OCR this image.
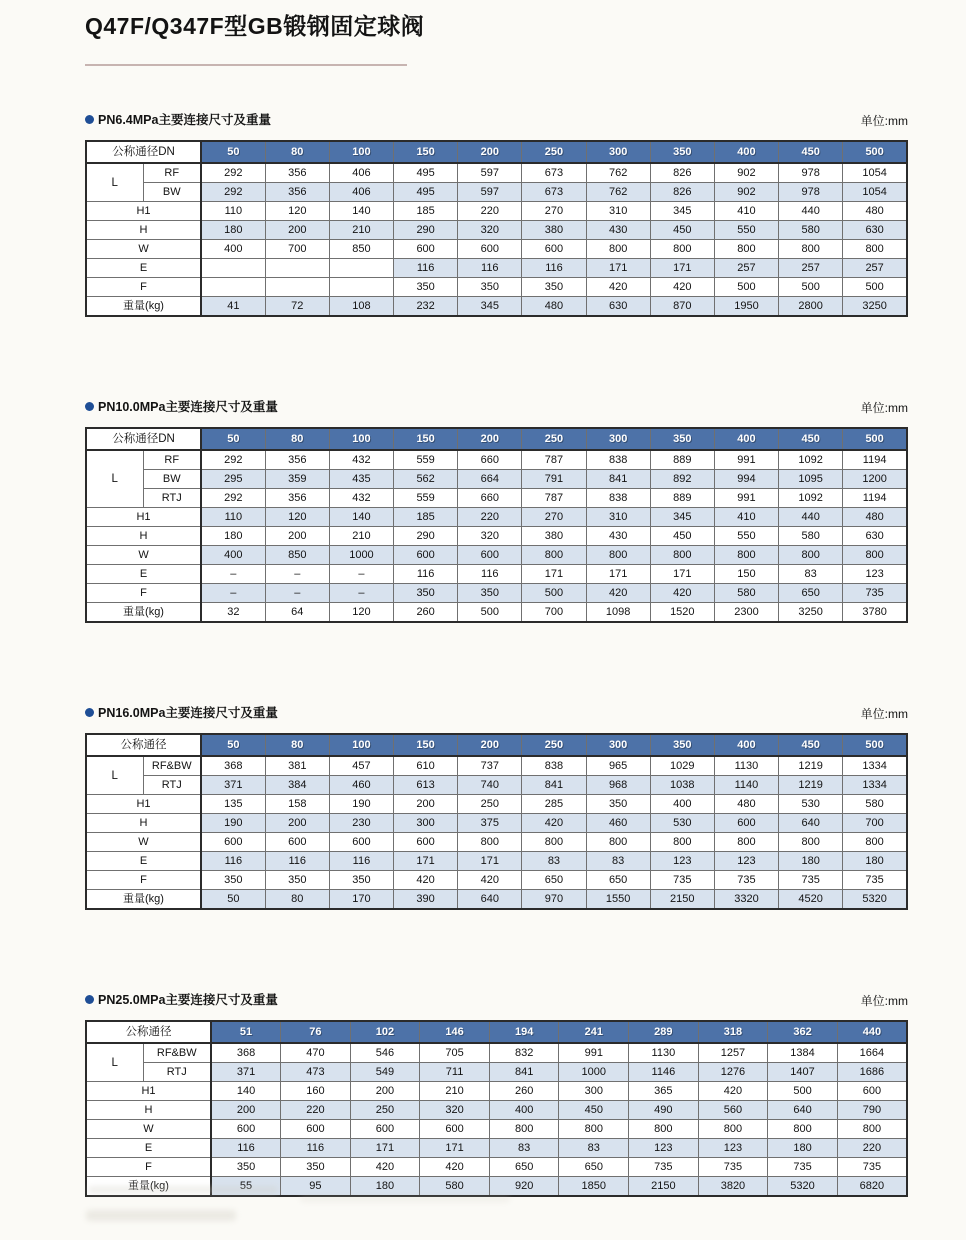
Q47F/Q347F型GB锻钢固定球阀
PN6.4MPa主要连接尺寸及重量	单位:mm
公称通径DN		50	80	100	150	200	250	300	350	400	450	500
L	RF	292	356	406	495	597	673	762	826	902	978	1054
	BW	292	356	406	495	597	673	762	826	902	978	1054
H1		110	120	140	185	220	270	310	345	410	440	480
H		180	200	210	290	320	380	430	450	550	580	630
W		400	700	850	600	600	600	800	800	800	800	800
E					116	116	116	171	171	257	257	257
F					350	350	350	420	420	500	500	500
重量(kg)		41	72	108	232	345	480	630	870	1950	2800	3250
PN10.0MPa主要连接尺寸及重量	单位:mm
公称通径DN		50	80	100	150	200	250	300	350	400	450	500
L	RF	292	356	432	559	660	787	838	889	991	1092	1194
	BW	295	359	435	562	664	791	841	892	994	1095	1200
	RTJ	292	356	432	559	660	787	838	889	991	1092	1194
H1		110	120	140	185	220	270	310	345	410	440	480
H		180	200	210	290	320	380	430	450	550	580	630
W		400	850	1000	600	600	800	800	800	800	800	800
E		–	–	–	116	116	171	171	171	150	83	123
F		–	–	–	350	350	500	420	420	580	650	735
重量(kg)		32	64	120	260	500	700	1098	1520	2300	3250	3780
PN16.0MPa主要连接尺寸及重量	单位:mm
公称通径		50	80	100	150	200	250	300	350	400	450	500
L	RF&BW	368	381	457	610	737	838	965	1029	1130	1219	1334
	RTJ	371	384	460	613	740	841	968	1038	1140	1219	1334
H1		135	158	190	200	250	285	350	400	480	530	580
H		190	200	230	300	375	420	460	530	600	640	700
W		600	600	600	600	800	800	800	800	800	800	800
E		116	116	116	171	171	83	83	123	123	180	180
F		350	350	350	420	420	650	650	735	735	735	735
重量(kg)		50	80	170	390	640	970	1550	2150	3320	4520	5320
PN25.0MPa主要连接尺寸及重量	单位:mm
公称通径		51	76	102	146	194	241	289	318	362	440
L	RF&BW	368	470	546	705	832	991	1130	1257	1384	1664
	RTJ	371	473	549	711	841	1000	1146	1276	1407	1686
H1		140	160	200	210	260	300	365	420	500	600
H		200	220	250	320	400	450	490	560	640	790
W		600	600	600	600	800	800	800	800	800	800
E		116	116	171	171	83	83	123	123	180	220
F		350	350	420	420	650	650	735	735	735	735
重量(kg)		55	95	180	580	920	1850	2150	3820	5320	6820
